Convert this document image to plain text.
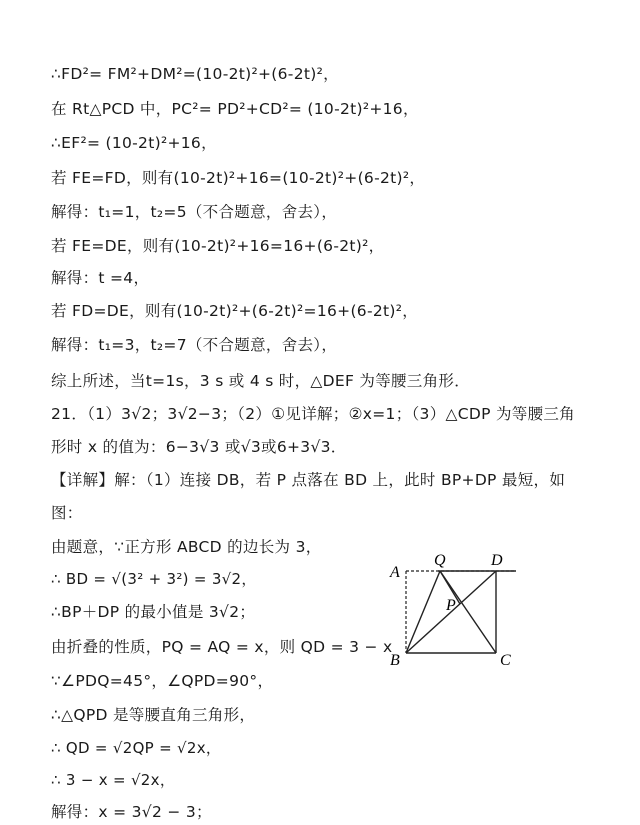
∴FD²= FM²+DM²=(10-2t)²+(6-2t)²，
在 Rt△PCD 中，PC²= PD²+CD²= (10-2t)²+16，
∴EF²= (10-2t)²+16，
若 FE=FD，则有(10-2t)²+16=(10-2t)²+(6-2t)²，
解得：t₁=1，t₂=5（不合题意，舍去），
若 FE=DE，则有(10-2t)²+16=16+(6-2t)²，
解得：t =4，
若 FD=DE，则有(10-2t)²+(6-2t)²=16+(6-2t)²，
解得：t₁=3，t₂=7（不合题意，舍去），
综上所述，当t=1s，3 s 或 4 s 时，△DEF 为等腰三角形．
21．（1）3√2；3√2−3；（2）①见详解；②x=1；（3）△CDP 为等腰三角
形时 x 的值为：6−3√3 或√3或6+3√3．
【详解】解：（1）连接 DB，若 P 点落在 BD 上，此时 BP+DP 最短，如
图：
由题意，∵正方形 ABCD 的边长为 3，
∴ BD = √(3² + 3²) = 3√2，
∴BP＋DP 的最小值是 3√2；
由折叠的性质，PQ = AQ = x，则 QD = 3 − x
∵∠PDQ=45°，∠QPD=90°，
∴△QPD 是等腰直角三角形，
∴ QD = √2QP = √2x，
∴ 3 − x = √2x，
解得：x = 3√2 − 3；
A
Q	D
P
B	C
